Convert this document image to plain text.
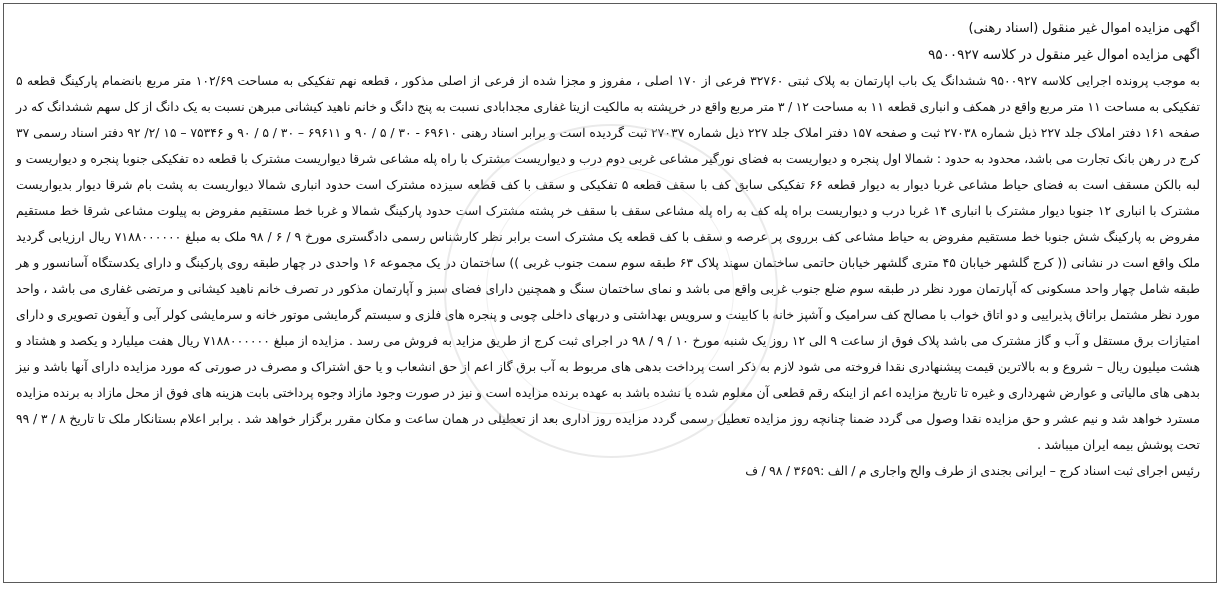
اگهی مزایده اموال غیر منقول (اسناد رهنی)
اگهی مزایده اموال غیر منقول در کلاسه ۹۵۰۰۹۲۷
به موجب پرونده اجرایی کلاسه ۹۵۰۰۹۲۷ ششدانگ یک باب اپارتمان به پلاک ثبتی ۳۲۷۶۰ فرعی از ۱۷۰ اصلی ، مفروز و مجزا شده از فرعی از اصلی مذکور ، قطعه نهم تفکیکی به مساحت ۱۰۲/۶۹ متر مربع بانضمام پارکینگ قطعه ۵ تفکیکی به مساحت ۱۱ متر مربع واقع در همکف و انباری قطعه ۱۱ به مساحت ۱۲ / ۳ متر مربع واقع در خرپشته به مالکیت ازیتا غفاری مجدابادی نسبت به پنج دانگ و خانم ناهید کیشانی مبرهن نسبت به یک دانگ از کل سهم ششدانگ که در صفحه ۱۶۱ دفتر املاک جلد ۲۲۷ ذیل شماره ۲۷۰۳۸ ثبت و صفحه ۱۵۷ دفتر املاک جلد ۲۲۷ ذیل شماره ۲۷۰۳۷ ثبت گردیده است و برابر اسناد رهنی ۶۹۶۱۰ - ۳۰ / ۵ / ۹۰ و ۶۹۶۱۱ – ۳۰ / ۵ / ۹۰ و ۷۵۳۴۶ – ۱۵ /۲/ ۹۲ دفتر اسناد رسمی ۳۷ کرج در رهن بانک تجارت می باشد، محدود به حدود : شمالا اول پنجره و دیواریست به فضای نورگیر مشاعی غربی دوم درب و دیواریست مشترک با راه پله مشاعی شرقا دیواریست مشترک با قطعه ده تفکیکی جنوبا پنجره و دیواریست و لبه بالکن مسقف است به فضای حیاط مشاعی غربا دیوار به دیوار قطعه ۶۶ تفکیکی سابق کف با سقف قطعه ۵ تفکیکی و سقف با کف قطعه سیزده مشترک است حدود انباری شمالا دیواریست به پشت بام شرقا دیوار بدیواریست مشترک با انباری ۱۲ جنوبا دیوار مشترک با انباری ۱۴ غربا درب و دیواریست براه پله کف به راه پله مشاعی سقف با سقف خر پشته مشترک است حدود پارکینگ شمالا و غربا خط مستقیم مفروض به پیلوت مشاعی شرقا خط مستقیم مفروض به پارکینگ شش جنوبا خط مستقیم مفروض به حیاط مشاعی کف برروی پر عرصه و سقف با کف قطعه یک مشترک است برابر نظر کارشناس رسمی دادگستری مورخ ۹ / ۶ / ۹۸ ملک به مبلغ ۷۱۸۸۰۰۰۰۰۰ ریال ارزیابی گردید ملک واقع است در نشانی (( کرج گلشهر خیابان ۴۵ متری گلشهر خیابان حاتمی ساختمان سهند پلاک ۶۳ طبقه سوم سمت جنوب غربی )) ساختمان در یک مجموعه ۱۶ واحدی در چهار طبقه روی پارکینگ و دارای یکدستگاه آسانسور و هر طبقه شامل چهار واحد مسکونی که آپارتمان مورد نظر در طبقه سوم ضلع جنوب غربی واقع می باشد و نمای ساختمان سنگ و همچنین دارای فضای سبز و آپارتمان مذکور در تصرف خانم ناهید کیشانی و مرتضی غفاری می باشد ، واحد مورد نظر مشتمل براتاق پذیراییی و دو اتاق خواب با مصالح کف سرامیک و آشپز خانه با کابینت و سرویس بهداشتی و دربهای داخلی چوبی و پنجره های فلزی و سیستم گرمایشی موتور خانه و سرمایشی کولر آبی و آیفون تصویری و دارای امتیازات برق مستقل و آب و گاز مشترک می باشد پلاک فوق از ساعت ۹ الی ۱۲ روز یک شنبه مورخ ۱۰ / ۹ / ۹۸ در اجرای ثبت کرج از طریق مزاید به فروش می رسد . مزایده از مبلغ ۷۱۸۸۰۰۰۰۰۰ ریال هفت میلیارد و یکصد و هشتاد و هشت میلیون ریال – شروع و به بالاترین قیمت پیشنهادری نقدا فروخته می شود لازم به ذکر است پرداخت بدهی های مربوط به آب برق گاز اعم از حق انشعاب و یا حق اشتراک و مصرف در صورتی که مورد مزایده دارای آنها باشد و نیز بدهی های مالیاتی و عوارض شهرداری و غیره تا تاریخ مزایده اعم از اینکه رقم قطعی آن معلوم شده یا نشده باشد به عهده برنده مزایده است و نیز در صورت وجود مازاد وجوه پرداختی بابت هزینه های فوق از محل مازاد به برنده مزایده مسترد خواهد شد و نیم عشر و حق مزایده نقدا وصول می گردد ضمنا چنانچه روز مزایده تعطیل رسمی گردد مزایده روز اداری بعد از تعطیلی در همان ساعت و مکان مقرر برگزار خواهد شد . برابر اعلام بستانکار ملک تا تاریخ ۸ / ۳ / ۹۹ تحت پوشش بیمه ایران میباشد .
رئیس اجرای ثبت اسناد کرج – ایرانی بجندی از طرف والح واجاری م / الف :۳۶۵۹ / ۹۸ / ف
